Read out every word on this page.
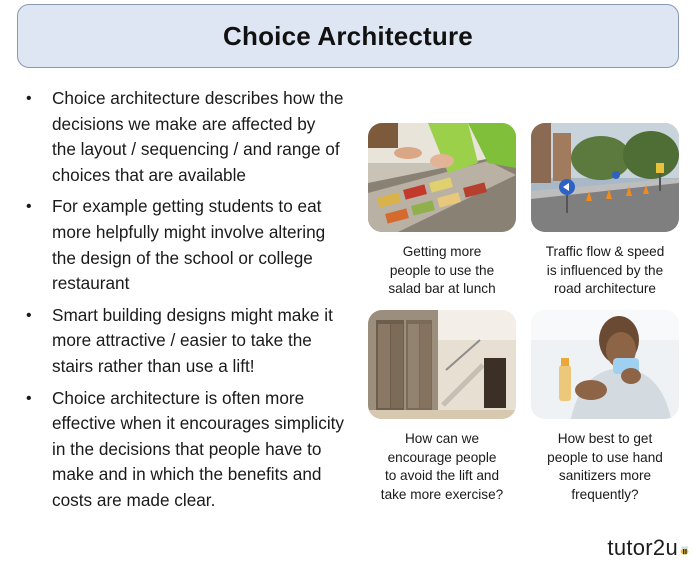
Choice Architecture
• Choice architecture describes how the decisions we make are affected by the layout / sequencing / and range of choices that are available
• For example getting students to eat more helpfully might involve altering the design of the school or college restaurant
• Smart building designs might make it more attractive / easier to take the stairs rather than use a lift!
• Choice architecture is often more effective when it encourages simplicity in the decisions that people have to make and in which the benefits and costs are made clear.
Getting more
people to use the
salad bar at lunch
Traffic flow & speed
is influenced by the
road architecture
How can we
encourage people
to avoid the lift and
take more exercise?
How best to get
people to use hand
sanitizers more
frequently?
tutor2u
